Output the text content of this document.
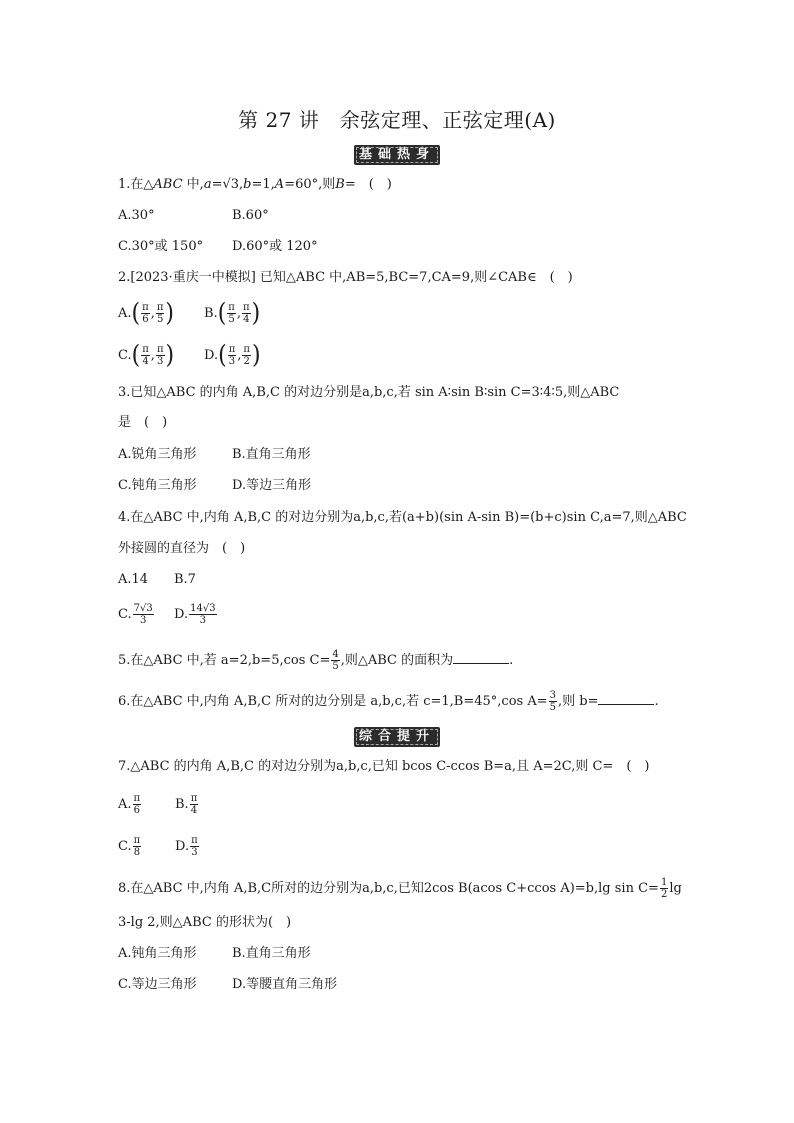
第 27 讲　余弦定理、正弦定理(A)
基础热身
1.在△ABC 中,a=√3,b=1,A=60°,则B=　(　)
A.30°	B.60°
C.30°或 150° D.60°或 120°
2.[2023·重庆一中模拟] 已知△ABC 中,AB=5,BC=7,CA=9,则∠CAB∈　(　)
$A.( \frac{\pi}{6}$ , $\frac{\pi}{5}$ ) $B.( \frac{\pi}{5}$ , $\frac{\pi}{4}$ )
$C.( \frac{\pi}{4}$ , $\frac{\pi}{3}$ ) $D.( \frac{\pi}{3}$ , $\frac{\pi}{2}$ )
3.已知△ABC 的内角 A,B,C 的对边分别是a,b,c,若 sin A∶sin B∶sin C=3∶4∶5,则△ABC
是　(　)
A.锐角三角形	B.直角三角形
C.钝角三角形	D.等边三角形
4.在△ABC 中,内角 A,B,C 的对边分别为a,b,c,若(a+b)(sin A-sin B)=(b+c)sin C,a=7,则△ABC
外接圆的直径为　(　)
A.14 B.7
C. $\frac{7√3}{3} D$. $\frac{14√3}{3}$
5.在△ABC 中,若 a=2,b=5,cos $C= \frac{4}{5}$ ,则△ABC 的面积为	.
6.在△ABC 中,内角 A,B,C 所对的边分别是 a,b,c,若 c=1,B=45°,cos $A= \frac{3}{5}$ ,则 b=	.
综合提升
7.△ABC 的内角 A,B,C 的对边分别为a,b,c,已知 bcos C-ccos B=a,且 A=2C,则 C=　(　)
A. $\frac{\pi}{6}$	B. $\frac{\pi}{4}$
C. $\frac{\pi}{8}$	D. $\frac{\pi}{3}$
8.在△ABC 中,内角 A,B,C所对的边分别为a,b,c,已知2cos B(acos C+ccos A)=b,lg $\sin C= \frac{1}{2}$ lg
3-lg 2,则△ABC 的形状为(　)
A.钝角三角形	B.直角三角形
C.等边三角形	D.等腰直角三角形
